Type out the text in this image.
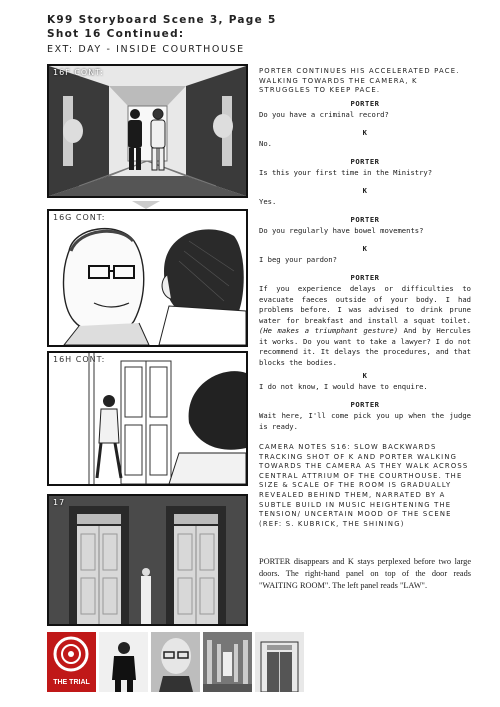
K99 Storyboard Scene 3, Page 5
Shot 16 Continued:
EXT: DAY - INSIDE COURTHOUSE
16F CONT:
16G CONT:
16H CONT:
17
PORTER CONTINUES HIS ACCELERATED PACE. WALKING TOWARDS THE CAMERA, K STRUGGLES TO KEEP PACE.
PORTER
Do you have a criminal record?
K
No.
PORTER
Is this your first time in the Ministry?
K
Yes.
PORTER
Do you regularly have bowel movements?
K
I beg your pardon?
PORTER
If you experience delays or difficulties to evacuate faeces outside of your body. I had problems before. I was advised to drink prune water for breakfast and install a squat toilet. (He makes a triumphant gesture) And by Hercules it works. Do you want to take a lawyer? I do not recommend it. It delays the procedures, and that blocks the bodies.
K
I do not know, I would have to enquire.
PORTER
Wait here, I'll come pick you up when the judge is ready.
CAMERA NOTES S16: SLOW BACKWARDS TRACKING SHOT OF K AND PORTER WALKING TOWARDS THE CAMERA AS THEY WALK ACROSS CENTRAL ATTRIUM OF THE COURTHOUSE. THE SIZE & SCALE OF THE ROOM IS GRADUALLY REVEALED BEHIND THEM, NARRATED BY A SUBTLE BUILD IN MUSIC HEIGHTENING THE TENSION/ UNCERTAIN MOOD OF THE SCENE (REF: S. KUBRICK, THE SHINING)
PORTER disappears and K stays perplexed before two large doors. The right-hand panel on top of the door reads "WAITING ROOM". The left panel reads "LAW".
THE TRIAL
